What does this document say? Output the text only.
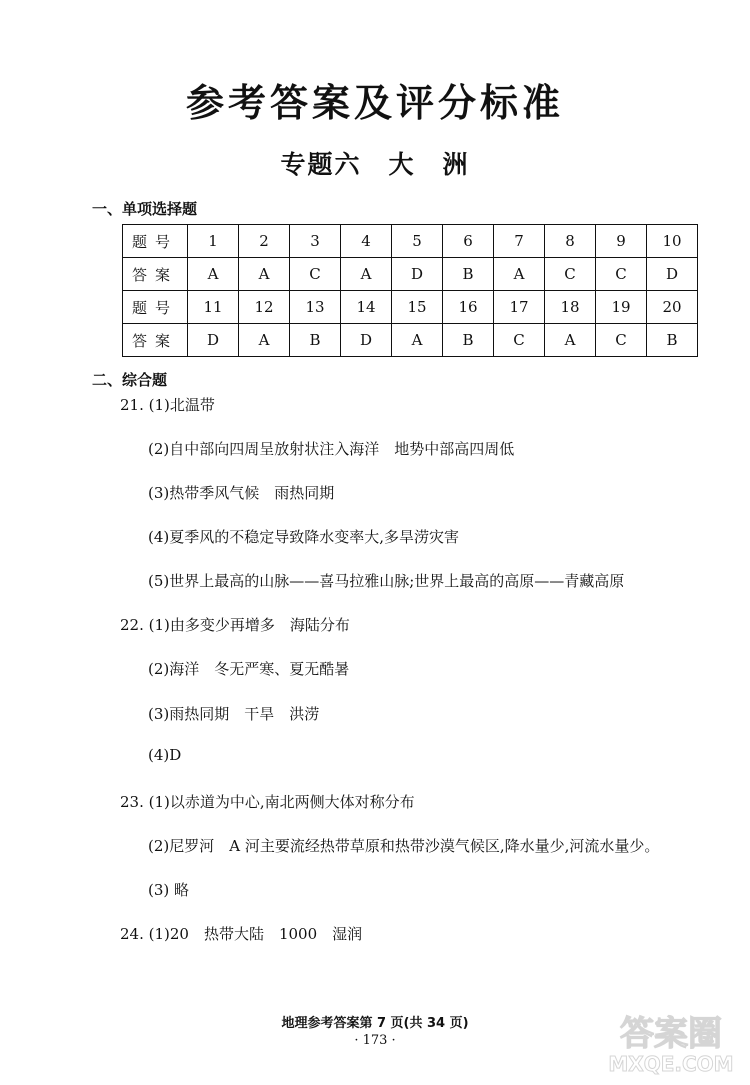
参考答案及评分标准
专题六　大　洲
一、单项选择题
题号	1	2	3	4	5	6	7	8	9	10
答案	A	A	C	A	D	B	A	C	C	D
题号	11	12	13	14	15	16	17	18	19	20
答案	D	A	B	D	A	B	C	A	C	B
二、综合题
21. (1)北温带
(2)自中部向四周呈放射状注入海洋　地势中部高四周低
(3)热带季风气候　雨热同期
(4)夏季风的不稳定导致降水变率大,多旱涝灾害
(5)世界上最高的山脉——喜马拉雅山脉;世界上最高的高原——青藏高原
22. (1)由多变少再增多　海陆分布
(2)海洋　冬无严寒、夏无酷暑
(3)雨热同期　干旱　洪涝
(4)D
23. (1)以赤道为中心,南北两侧大体对称分布
(2)尼罗河　A 河主要流经热带草原和热带沙漠气候区,降水量少,河流水量少。
(3) 略
24. (1)20　热带大陆　1000　湿润
地理参考答案第 7 页(共 34 页)
· 173 ·	答案圈
MXQE.COM
